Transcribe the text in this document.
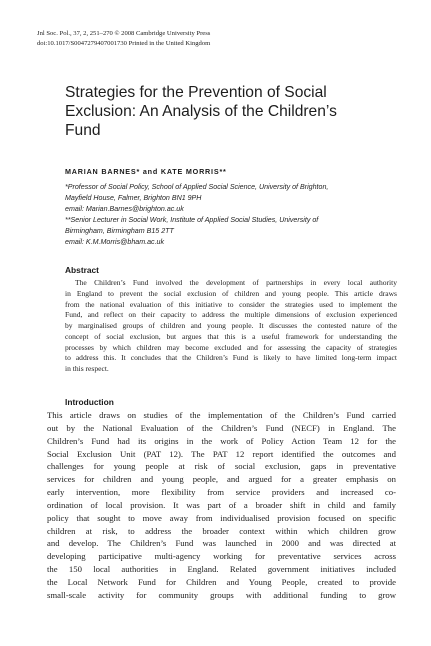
Jnl Soc. Pol., 37, 2, 251–270 © 2008 Cambridge University Press
doi:10.1017/S0047279407001730 Printed in the United Kingdom
Strategies for the Prevention of Social
Exclusion: An Analysis of the Children’s
Fund
MARIAN BARNES* and KATE MORRIS**
*Professor of Social Policy, School of Applied Social Science, University of Brighton,
Mayfield House, Falmer, Brighton BN1 9PH
email: Marian.Barnes@brighton.ac.uk
**Senior Lecturer in Social Work, Institute of Applied Social Studies, University of
Birmingham, Birmingham B15 2TT
email: K.M.Morris@bham.ac.uk
Abstract
The Children’s Fund involved the development of partnerships in every local authority
in England to prevent the social exclusion of children and young people. This article draws
from the national evaluation of this initiative to consider the strategies used to implement the
Fund, and reflect on their capacity to address the multiple dimensions of exclusion experienced
by marginalised groups of children and young people. It discusses the contested nature of the
concept of social exclusion, but argues that this is a useful framework for understanding the
processes by which children may become excluded and for assessing the capacity of strategies
to address this. It concludes that the Children’s Fund is likely to have limited long-term impact
in this respect.
Introduction
This article draws on studies of the implementation of the Children’s Fund carried
out by the National Evaluation of the Children’s Fund (NECF) in England. The
Children’s Fund had its origins in the work of Policy Action Team 12 for the
Social Exclusion Unit (PAT 12). The PAT 12 report identified the outcomes and
challenges for young people at risk of social exclusion, gaps in preventative
services for children and young people, and argued for a greater emphasis on
early intervention, more flexibility from service providers and increased co-
ordination of local provision. It was part of a broader shift in child and family
policy that sought to move away from individualised provision focused on specific
children at risk, to address the broader context within which children grow
and develop. The Children’s Fund was launched in 2000 and was directed at
developing participative multi-agency working for preventative services across
the 150 local authorities in England. Related government initiatives included
the Local Network Fund for Children and Young People, created to provide
small-scale activity for community groups with additional funding to grow
